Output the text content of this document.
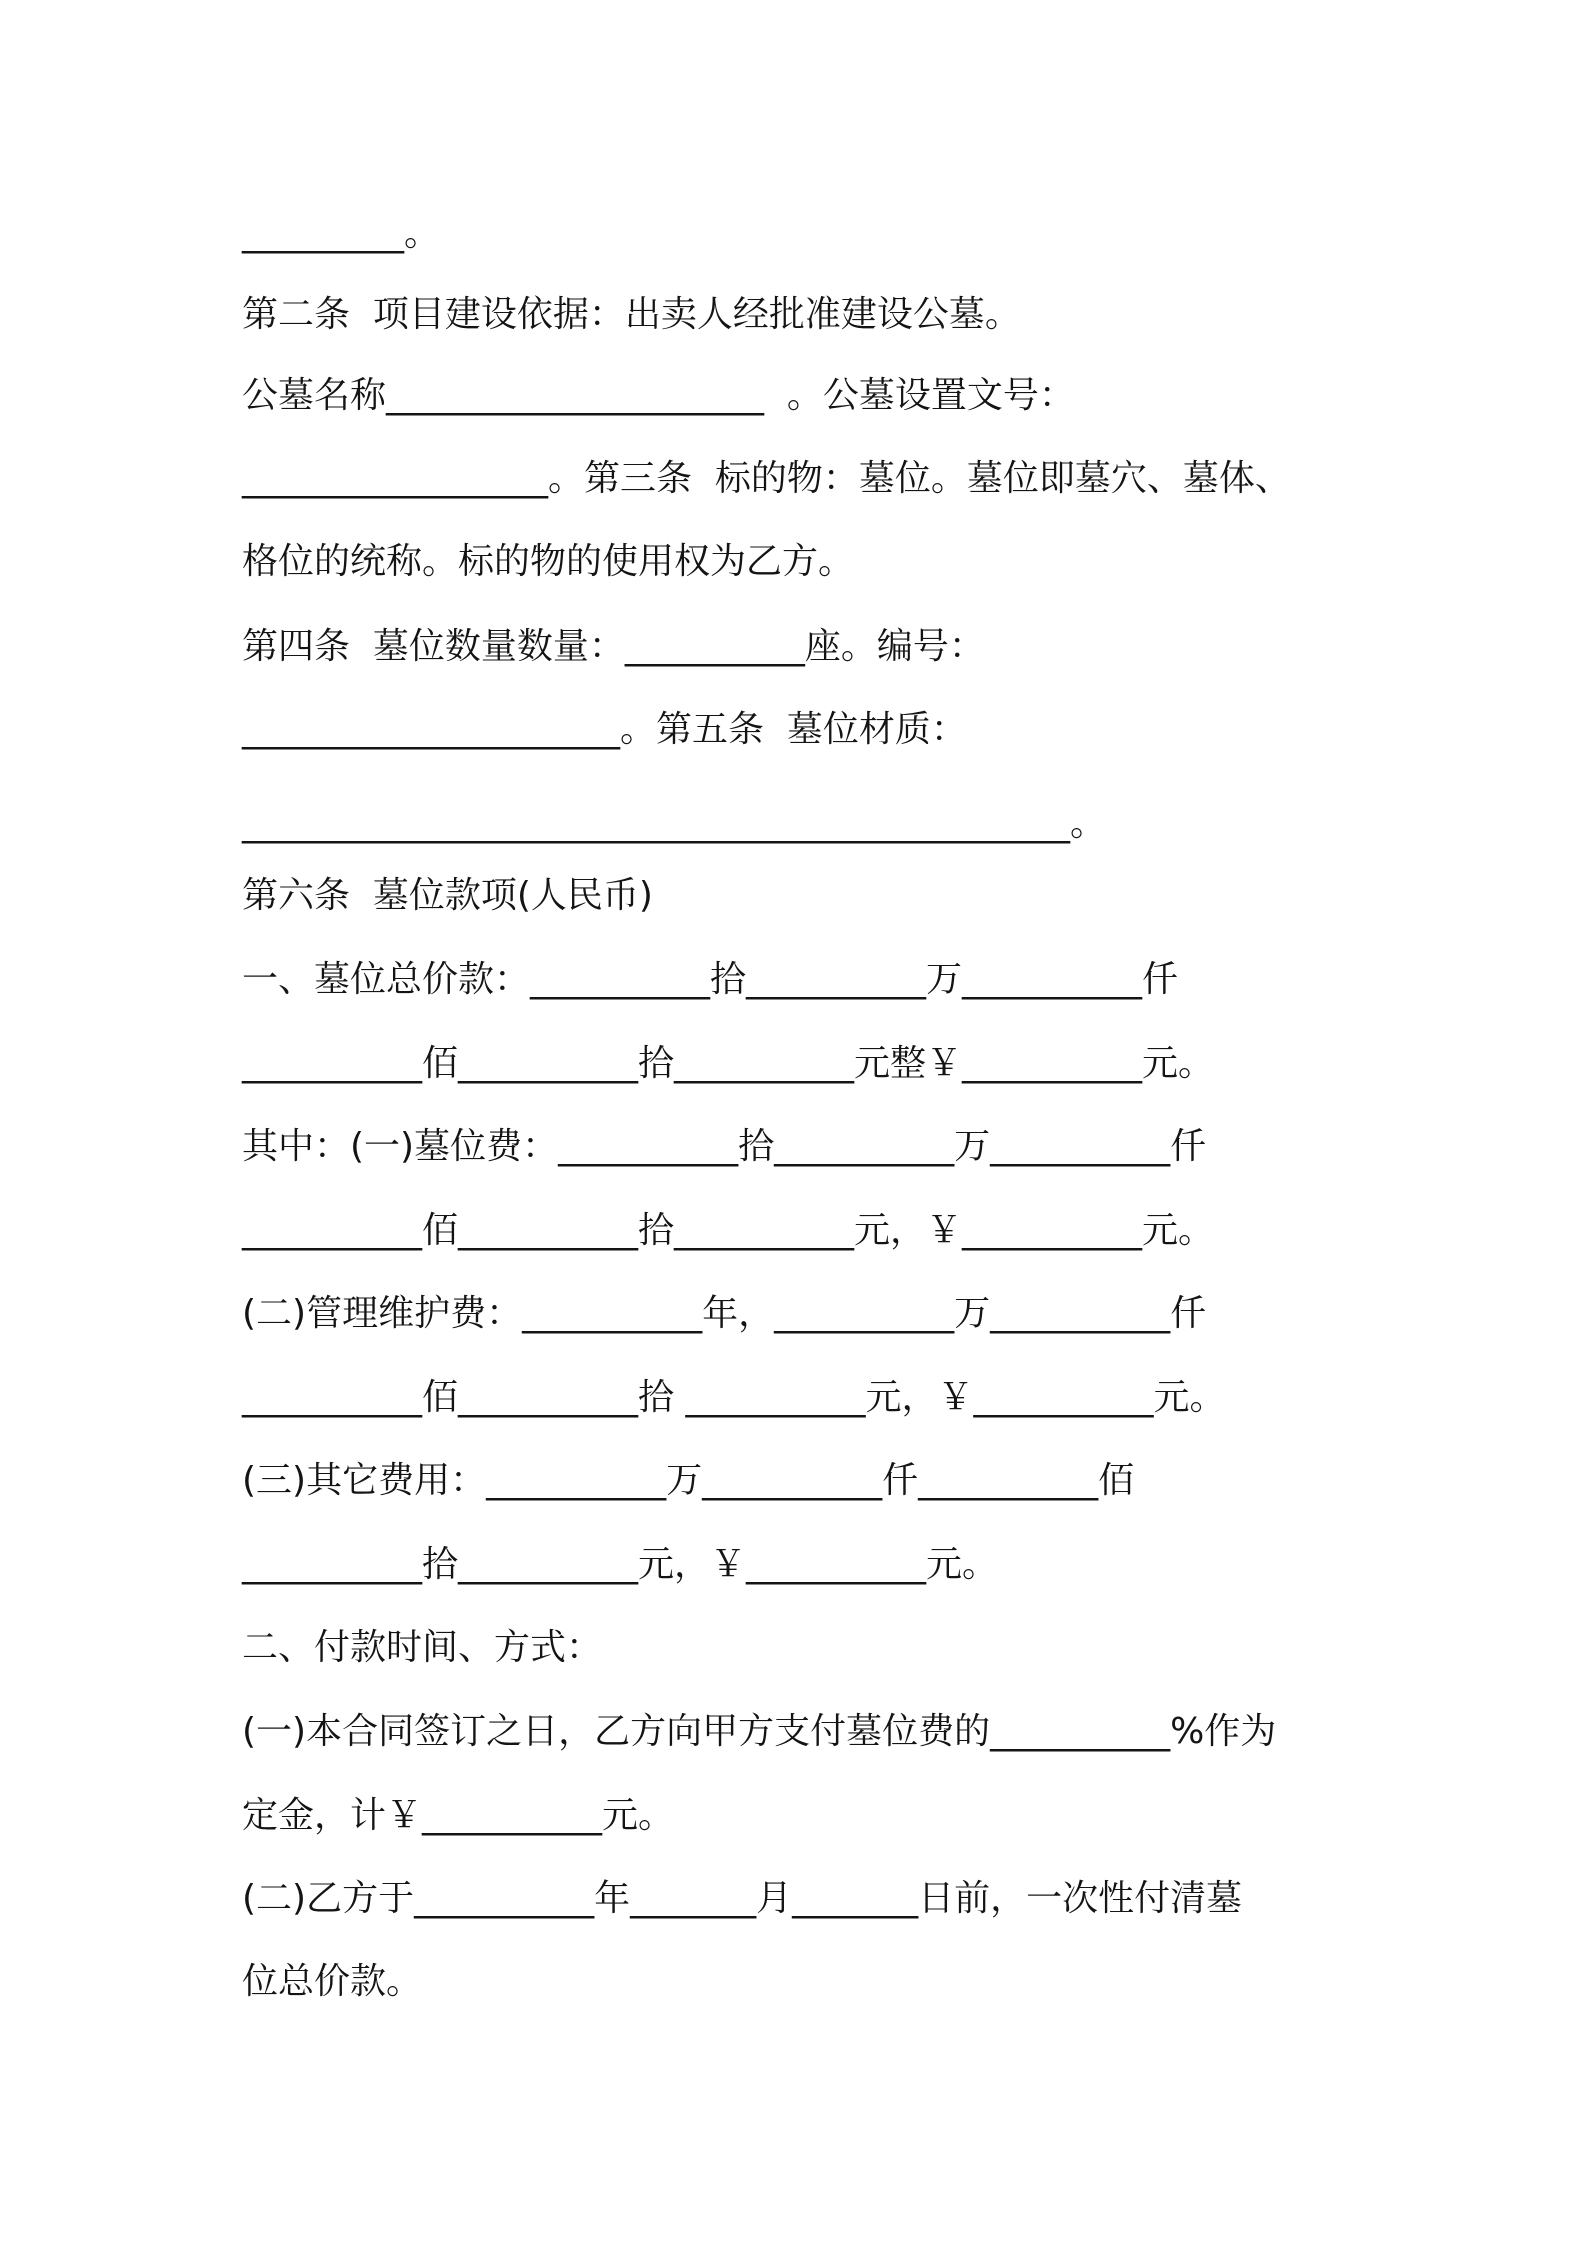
_________。
第二条  项目建设依据：出卖人经批准建设公墓。
公墓名称_____________________  。公墓设置文号：
_________________。第三条  标的物：墓位。墓位即墓穴、墓体、
格位的统称。标的物的使用权为乙方。
第四条  墓位数量数量：__________座。编号：
_____________________。第五条  墓位材质：
______________________________________________。
第六条  墓位款项(人民币)
一、墓位总价款：__________拾__________万__________仟
__________佰__________拾__________元整￥__________元。
其中：(一)墓位费：__________拾__________万__________仟
__________佰__________拾__________元，￥__________元。
(二)管理维护费：__________年，__________万__________仟
__________佰__________拾 __________元，￥__________元。
(三)其它费用：__________万__________仟__________佰
__________拾__________元，￥__________元。
二、付款时间、方式：
(一)本合同签订之日，乙方向甲方支付墓位费的__________%作为
定金，计￥__________元。
(二)乙方于__________年_______月_______日前，一次性付清墓
位总价款。
